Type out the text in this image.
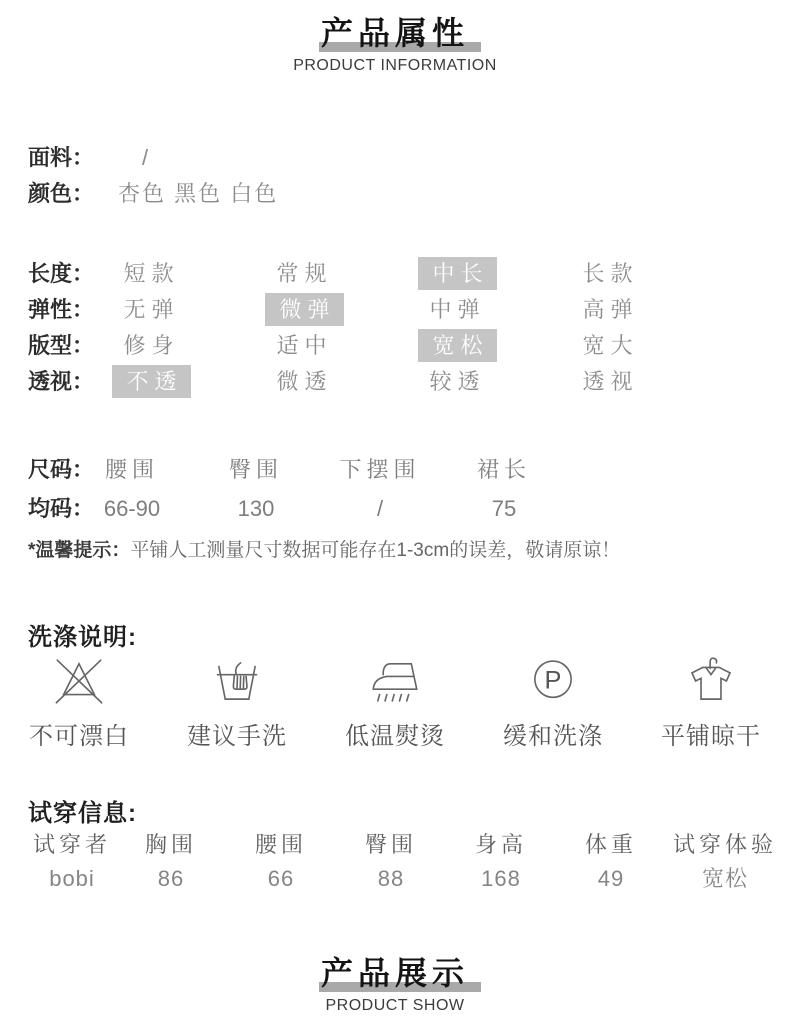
产品属性
PRODUCT INFORMATION
面料：	/
颜色：	杏色 黑色 白色
长度：	短款	常规	中长	长款
弹性：	无弹	微弹	中弹	高弹
版型：	修身	适中	宽松	宽大
透视：	不透	微透	较透	透视
尺码： 腰围	臀围	下摆围	裙长
均码： 66-90	130	/	75
*温馨提示：平铺人工测量尺寸数据可能存在1-3cm的误差，敬请原谅！
洗涤说明:
不可漂白	建议手洗	低温熨烫
P
缓和洗涤	平铺晾干
试穿信息:
试穿者	胸围	腰围	臀围	身高	体重	试穿体验
bobi	86	66	88	168	49	宽松
产品展示
PRODUCT SHOW
